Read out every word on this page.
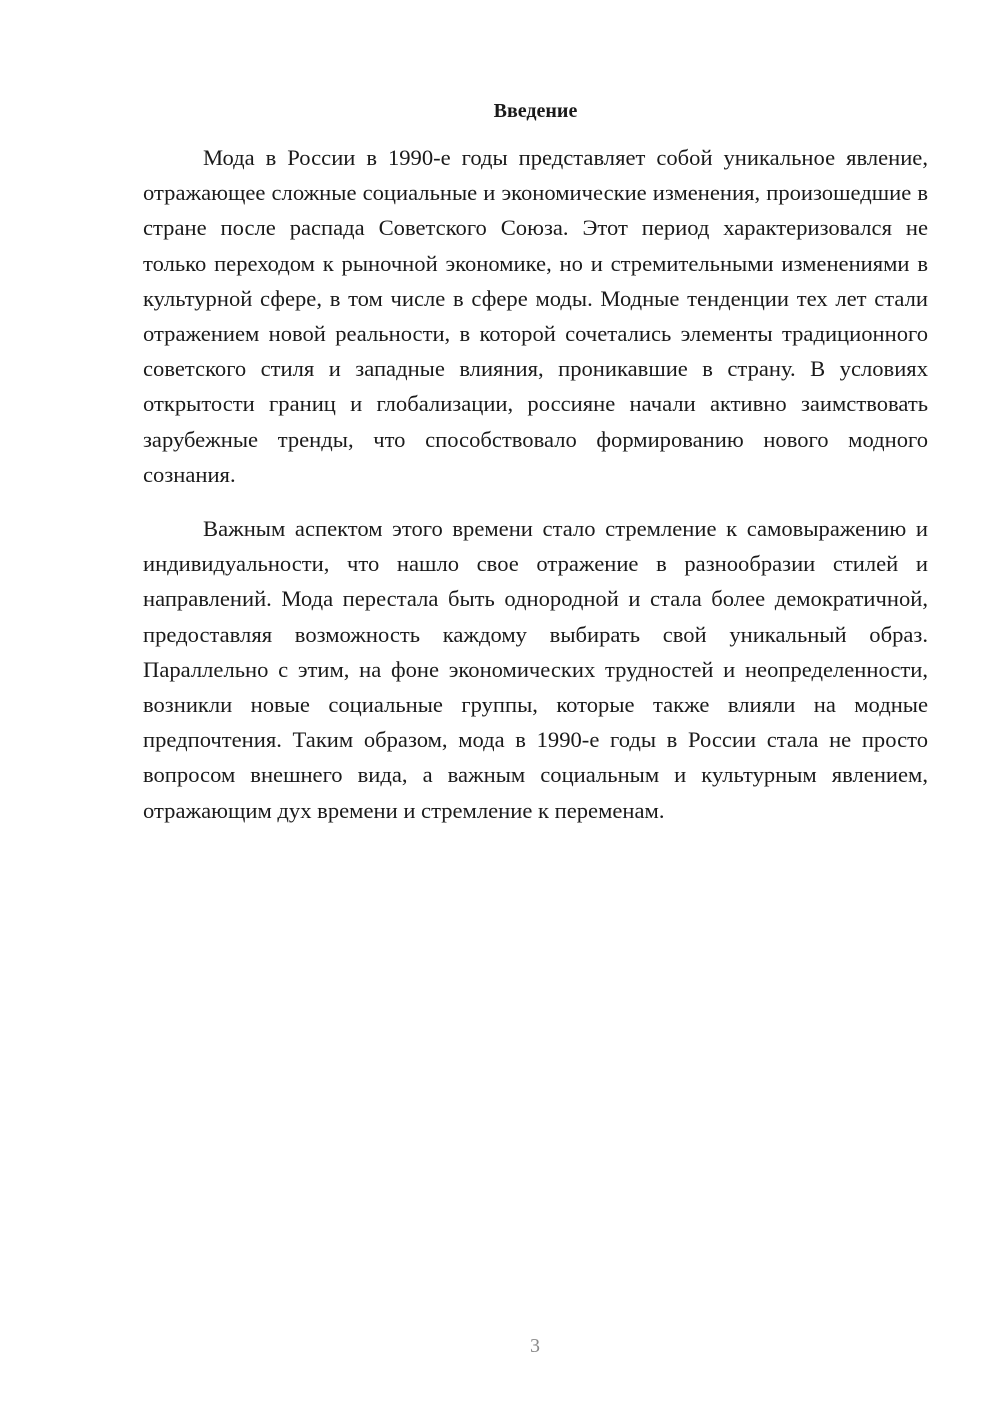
Введение

Мода в России в 1990-е годы представляет собой уникальное явление, отражающее сложные социальные и экономические изменения, произошедшие в стране после распада Советского Союза. Этот период характеризовался не только переходом к рыночной экономике, но и стремительными изменениями в культурной сфере, в том числе в сфере моды. Модные тенденции тех лет стали отражением новой реальности, в которой сочетались элементы традиционного советского стиля и западные влияния, проникавшие в страну. В условиях открытости границ и глобализации, россияне начали активно заимствовать зарубежные тренды, что способствовало формированию нового модного сознания.

Важным аспектом этого времени стало стремление к самовыражению и индивидуальности, что нашло свое отражение в разнообразии стилей и направлений. Мода перестала быть однородной и стала более демократичной, предоставляя возможность каждому выбирать свой уникальный образ. Параллельно с этим, на фоне экономических трудностей и неопределенности, возникли новые социальные группы, которые также влияли на модные предпочтения. Таким образом, мода в 1990-е годы в России стала не просто вопросом внешнего вида, а важным социальным и культурным явлением, отражающим дух времени и стремление к переменам.

3
